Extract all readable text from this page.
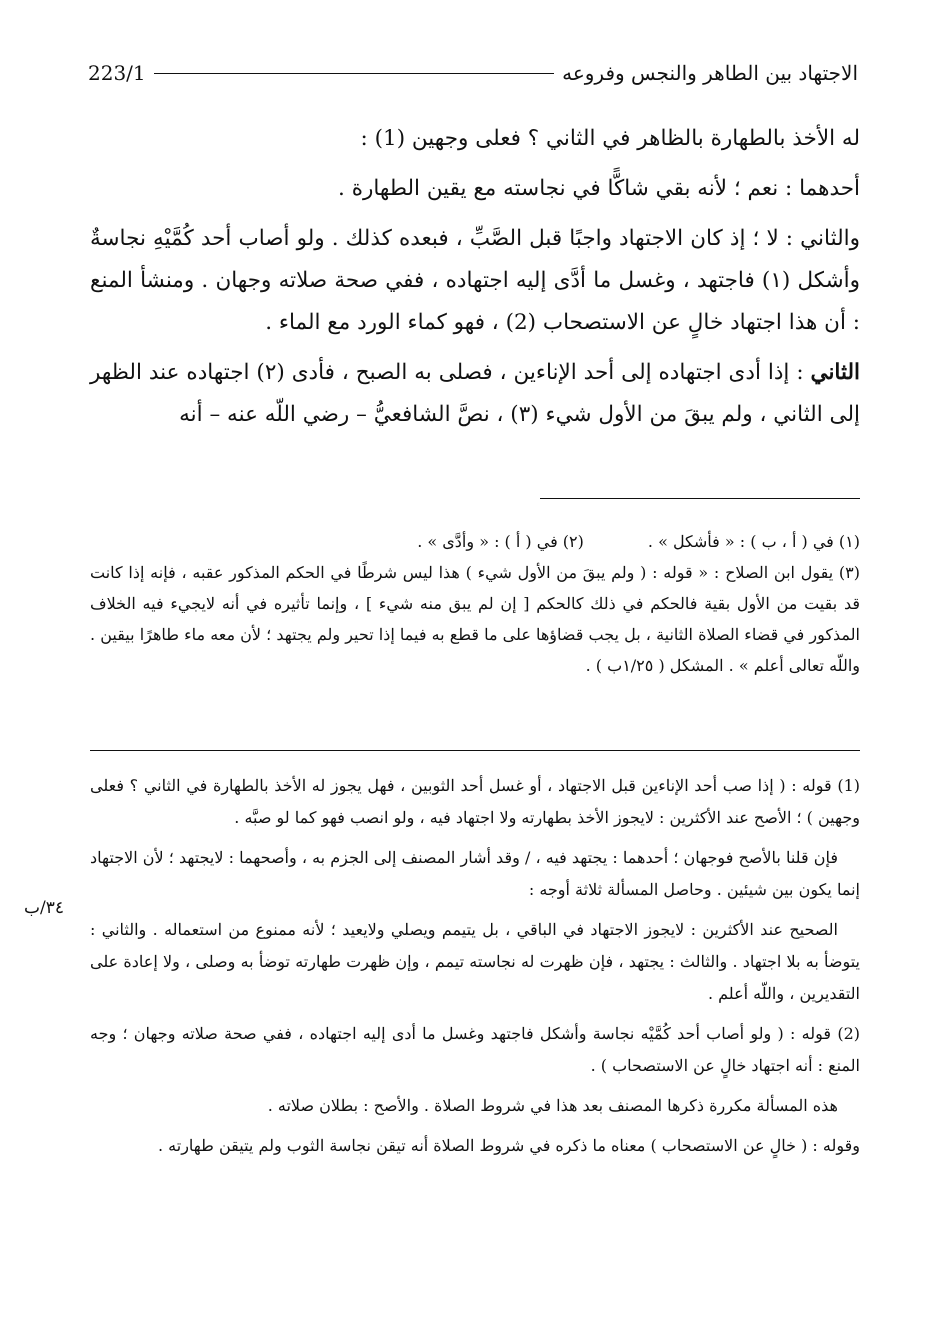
223/1	الاجتهاد بين الطاهر والنجس وفروعه

له الأخذ بالطهارة بالظاهر في الثاني ؟ فعلى وجهين (1) :

أحدهما : نعم ؛ لأنه بقي شاكًّا في نجاسته مع يقين الطهارة .

والثاني : لا ؛ إذ كان الاجتهاد واجبًا قبل الصَّبِّ ، فبعده كذلك . ولو أصاب أحد كُمَّيْهِ نجاسةٌ وأشكل (١) فاجتهد ، وغسل ما أدَّى إليه اجتهاده ، ففي صحة صلاته وجهان . ومنشأ المنع : أن هذا اجتهاد خالٍ عن الاستصحاب (2) ، فهو كماء الورد مع الماء .

الثاني : إذا أدى اجتهاده إلى أحد الإناءين ، فصلى به الصبح ، فأدى (٢) اجتهاده عند الظهر إلى الثاني ، ولم يبقَ من الأول شيء (٣) ، نصَّ الشافعيُّ – رضي اللّه عنه – أنه

(١) في ( أ ، ب ) : « فأشكل » .
(٢) في ( أ ) : « وأدَّى » .

(٣) يقول ابن الصلاح : « قوله : ( ولم يبقَ من الأول شيء ) هذا ليس شرطًا في الحكم المذكور عقبه ، فإنه إذا كانت قد بقيت من الأول بقية فالحكم في ذلك كالحكم [ إن لم يبق منه شيء ] ، وإنما تأثيره في أنه لايجيء فيه الخلاف المذكور في قضاء الصلاة الثانية ، بل يجب قضاؤها على ما قطع به فيما إذا تحير ولم يجتهد ؛ لأن معه ماء طاهرًا بيقين . واللّه تعالى أعلم » . المشكل ( ١/٢٥ب ) .

(1) قوله : ( إذا صب أحد الإناءين قبل الاجتهاد ، أو غسل أحد الثوبين ، فهل يجوز له الأخذ بالطهارة في الثاني ؟ فعلى وجهين ) ؛ الأصح عند الأكثرين : لايجوز الأخذ بطهارته ولا اجتهاد فيه ، ولو انصب فهو كما لو صبَّه .

فإن قلنا بالأصح فوجهان ؛ أحدهما : يجتهد فيه ، / وقد أشار المصنف إلى الجزم به ، وأصحهما : لايجتهد ؛ لأن الاجتهاد إنما يكون بين شيئين . وحاصل المسألة ثلاثة أوجه :

الصحيح عند الأكثرين : لايجوز الاجتهاد في الباقي ، بل يتيمم ويصلي ولايعيد ؛ لأنه ممنوع من استعماله . والثاني : يتوضأ به بلا اجتهاد . والثالث : يجتهد ، فإن ظهرت له نجاسته تيمم ، وإن ظهرت طهارته توضأ به وصلى ، ولا إعادة على التقديرين ، واللّه أعلم .

(2) قوله : ( ولو أصاب أحد كُمَّيْه نجاسة وأشكل فاجتهد وغسل ما أدى إليه اجتهاده ، ففي صحة صلاته وجهان ؛ وجه المنع : أنه اجتهاد خالٍ عن الاستصحاب ) .

هذه المسألة مكررة ذكرها المصنف بعد هذا في شروط الصلاة . والأصح : بطلان صلاته .

وقوله : ( خالٍ عن الاستصحاب ) معناه ما ذكره في شروط الصلاة أنه تيقن نجاسة الثوب ولم يتيقن طهارته .

٣٤/ب
